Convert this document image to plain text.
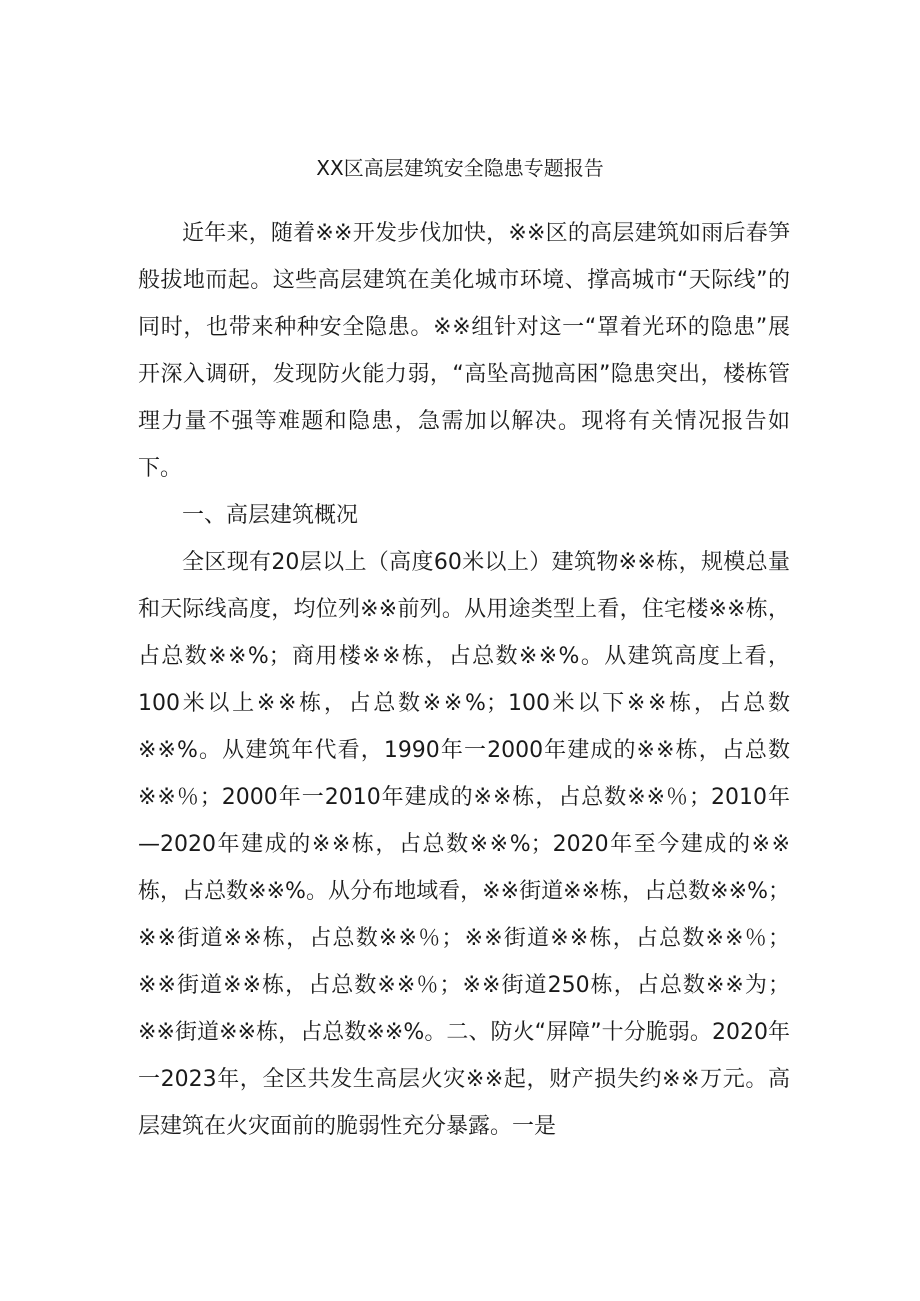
XX区高层建筑安全隐患专题报告

近年来，随着※※开发步伐加快，※※区的高层建筑如雨后春笋般拔地而起。这些高层建筑在美化城市环境、撑高城市“天际线”的同时，也带来种种安全隐患。※※组针对这一“罩着光环的隐患”展开深入调研，发现防火能力弱，“高坠高抛高困”隐患突出，楼栋管理力量不强等难题和隐患，急需加以解决。现将有关情况报告如下。

一、高层建筑概况

全区现有20层以上（高度60米以上）建筑物※※栋，规模总量和天际线高度，均位列※※前列。从用途类型上看，住宅楼※※栋，占总数※※%；商用楼※※栋，占总数※※%。从建筑高度上看，100米以上※※栋，占总数※※%；100米以下※※栋，占总数※※%。从建筑年代看，1990年一2000年建成的※※栋，占总数※※％；2000年一2010年建成的※※栋，占总数※※％；2010年—2020年建成的※※栋，占总数※※%；2020年至今建成的※※栋，占总数※※%。从分布地域看，※※街道※※栋，占总数※※%；※※街道※※栋，占总数※※％；※※街道※※栋，占总数※※％；※※街道※※栋，占总数※※％；※※街道250栋，占总数※※为；※※街道※※栋，占总数※※%。二、防火“屏障”十分脆弱。2020年一2023年，全区共发生高层火灾※※起，财产损失约※※万元。高层建筑在火灾面前的脆弱性充分暴露。一是
